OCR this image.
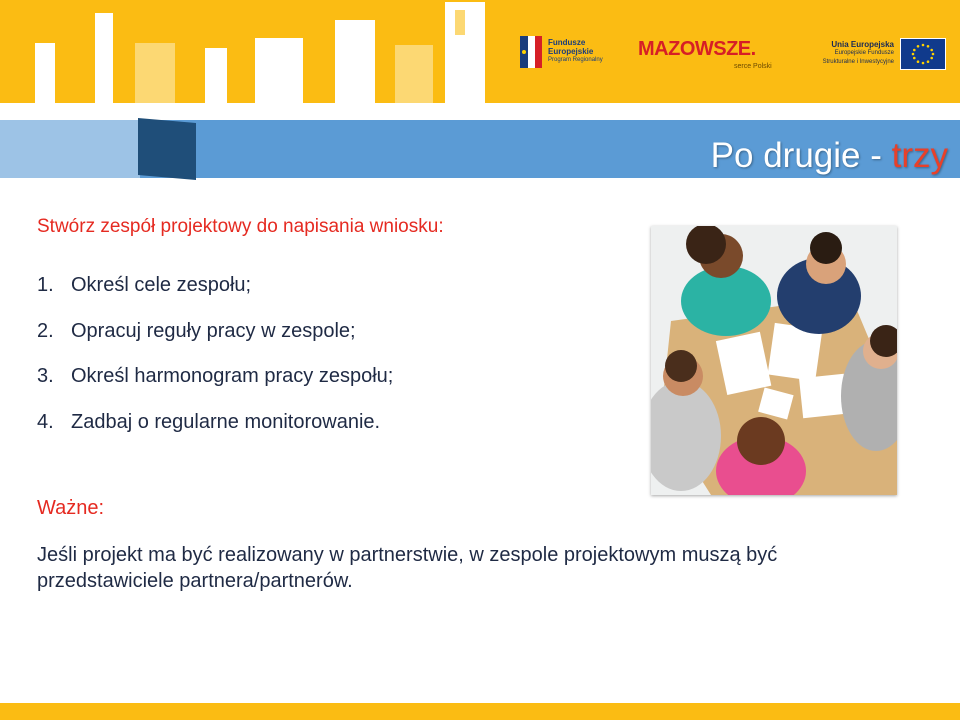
Fundusze
Europejskie
Program Regionalny MAZOWSZE.
serce Polski
Unia Europejska
Europejskie Fundusze
Strukturalne i Inwestycyjne
Po drugie - trzy
Stwórz zespół projektowy do napisania wniosku:
1. Określ cele zespołu;
2. Opracuj reguły pracy w zespole;
3. Określ harmonogram pracy zespołu;
4. Zadbaj o regularne monitorowanie.
Ważne:
Jeśli projekt ma być realizowany w partnerstwie, w zespole projektowym muszą być przedstawiciele partnera/partnerów.
